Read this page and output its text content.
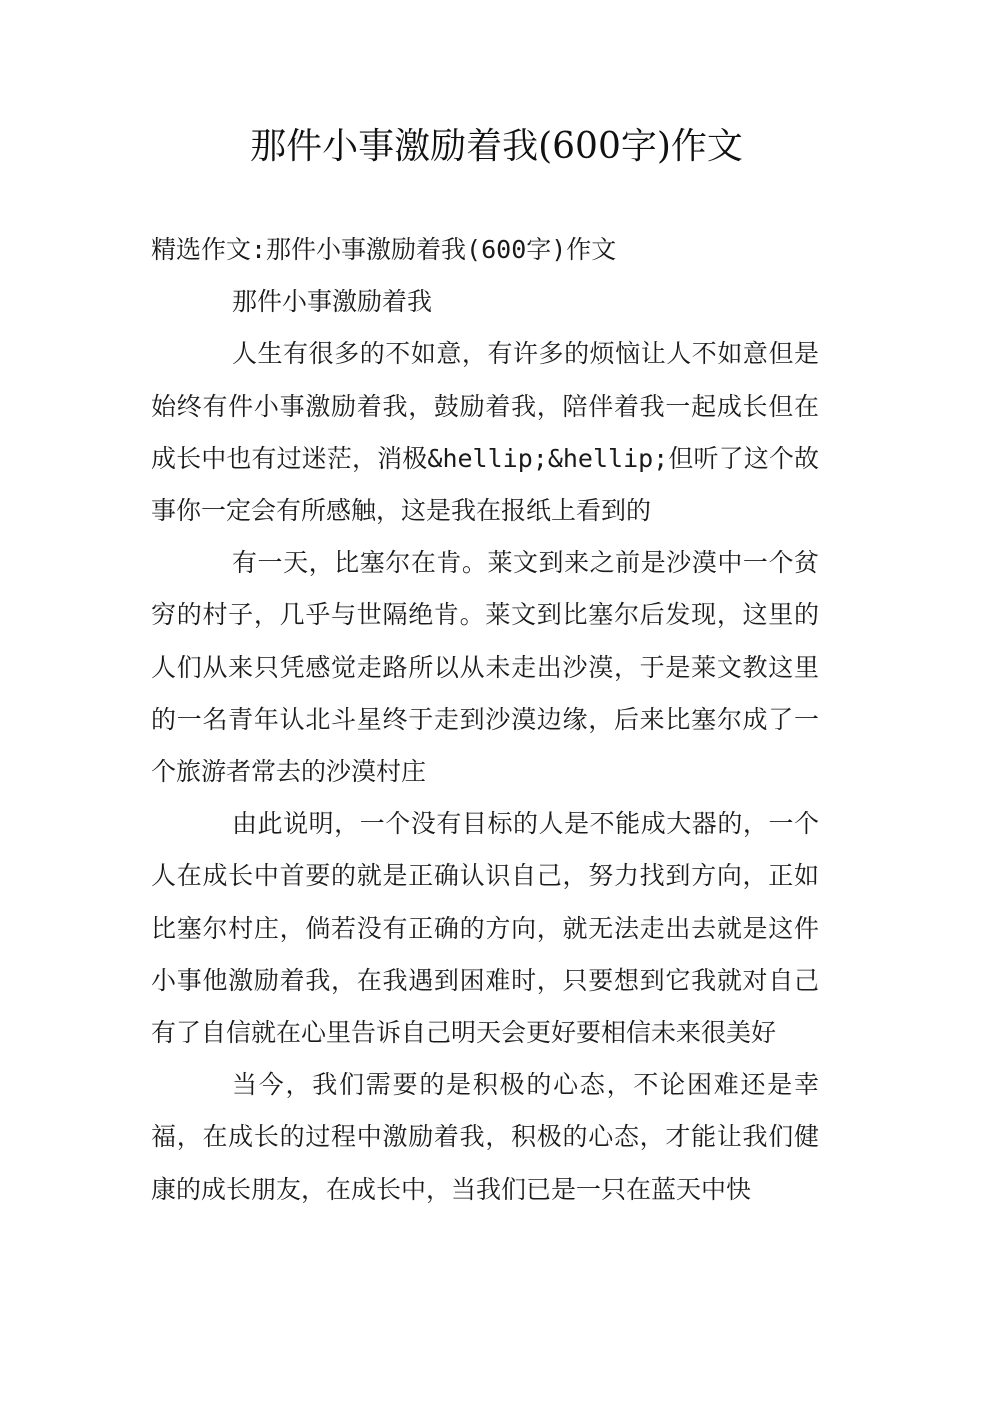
那件小事激励着我(600字)作文

精选作文:那件小事激励着我(600字)作文

那件小事激励着我

人生有很多的不如意，有许多的烦恼让人不如意但是始终有件小事激励着我，鼓励着我，陪伴着我一起成长但在成长中也有过迷茫，消极&hellip;&hellip;但听了这个故事你一定会有所感触，这是我在报纸上看到的

有一天，比塞尔在肯。莱文到来之前是沙漠中一个贫穷的村子，几乎与世隔绝肯。莱文到比塞尔后发现，这里的人们从来只凭感觉走路所以从未走出沙漠，于是莱文教这里的一名青年认北斗星终于走到沙漠边缘，后来比塞尔成了一个旅游者常去的沙漠村庄

由此说明，一个没有目标的人是不能成大器的，一个人在成长中首要的就是正确认识自己，努力找到方向，正如比塞尔村庄，倘若没有正确的方向，就无法走出去就是这件小事他激励着我，在我遇到困难时，只要想到它我就对自己有了自信就在心里告诉自己明天会更好要相信未来很美好

当今，我们需要的是积极的心态，不论困难还是幸福，在成长的过程中激励着我，积极的心态，才能让我们健康的成长朋友，在成长中，当我们已是一只在蓝天中快
